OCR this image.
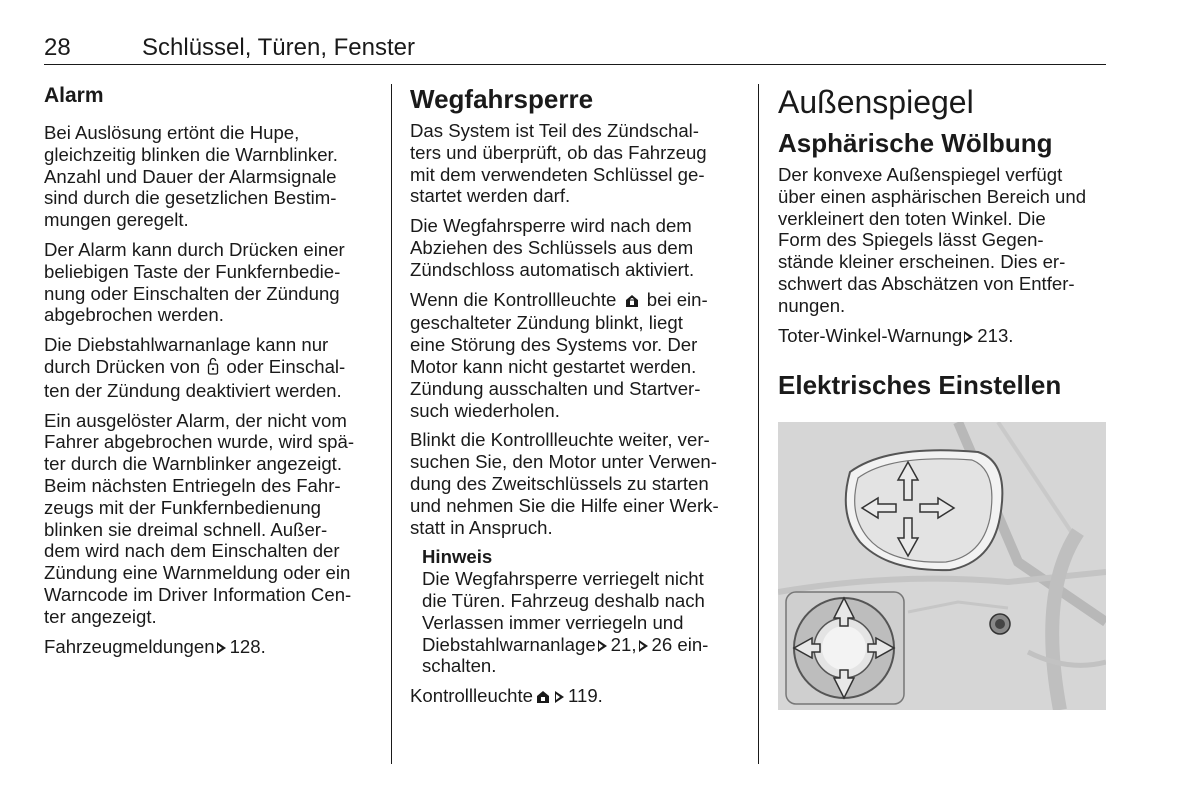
28	Schlüssel, Türen, Fenster
Alarm

Bei Auslösung ertönt die Hupe,
gleichzeitig blinken die Warnblinker.
Anzahl und Dauer der Alarmsignale
sind durch die gesetzlichen Bestim‐
mungen geregelt.

Der Alarm kann durch Drücken einer
beliebigen Taste der Funkfernbedie‐
nung oder Einschalten der Zündung
abgebrochen werden.

Die Diebstahlwarnanlage kann nur
durch Drücken von  oder Einschal‐
ten der Zündung deaktiviert werden.

Ein ausgelöster Alarm, der nicht vom
Fahrer abgebrochen wurde, wird spä‐
ter durch die Warnblinker angezeigt.
Beim nächsten Entriegeln des Fahr‐
zeugs mit der Funkfernbedienung
blinken sie dreimal schnell. Außer‐
dem wird nach dem Einschalten der
Zündung eine Warnmeldung oder ein
Warncode im Driver Information Cen‐
ter angezeigt.

Fahrzeugmeldungen 128.

Wegfahrsperre

Das System ist Teil des Zündschal‐
ters und überprüft, ob das Fahrzeug
mit dem verwendeten Schlüssel ge‐
startet werden darf.

Die Wegfahrsperre wird nach dem
Abziehen des Schlüssels aus dem
Zündschloss automatisch aktiviert.

Wenn die Kontrollleuchte  bei ein‐
geschalteter Zündung blinkt, liegt
eine Störung des Systems vor. Der
Motor kann nicht gestartet werden.
Zündung ausschalten und Startver‐
such wiederholen.

Blinkt die Kontrollleuchte weiter, ver‐
suchen Sie, den Motor unter Verwen‐
dung des Zweitschlüssels zu starten
und nehmen Sie die Hilfe einer Werk‐
statt in Anspruch.

Hinweis
Die Wegfahrsperre verriegelt nicht
die Türen. Fahrzeug deshalb nach
Verlassen immer verriegeln und
Diebstahlwarnanlage 21, 26 ein‐
schalten.

Kontrollleuchte 119.

Außenspiegel
Asphärische Wölbung

Der konvexe Außenspiegel verfügt
über einen asphärischen Bereich und
verkleinert den toten Winkel. Die
Form des Spiegels lässt Gegen‐
stände kleiner erscheinen. Dies er‐
schwert das Abschätzen von Entfer‐
nungen.

Toter-Winkel-Warnung 213.

Elektrisches Einstellen
